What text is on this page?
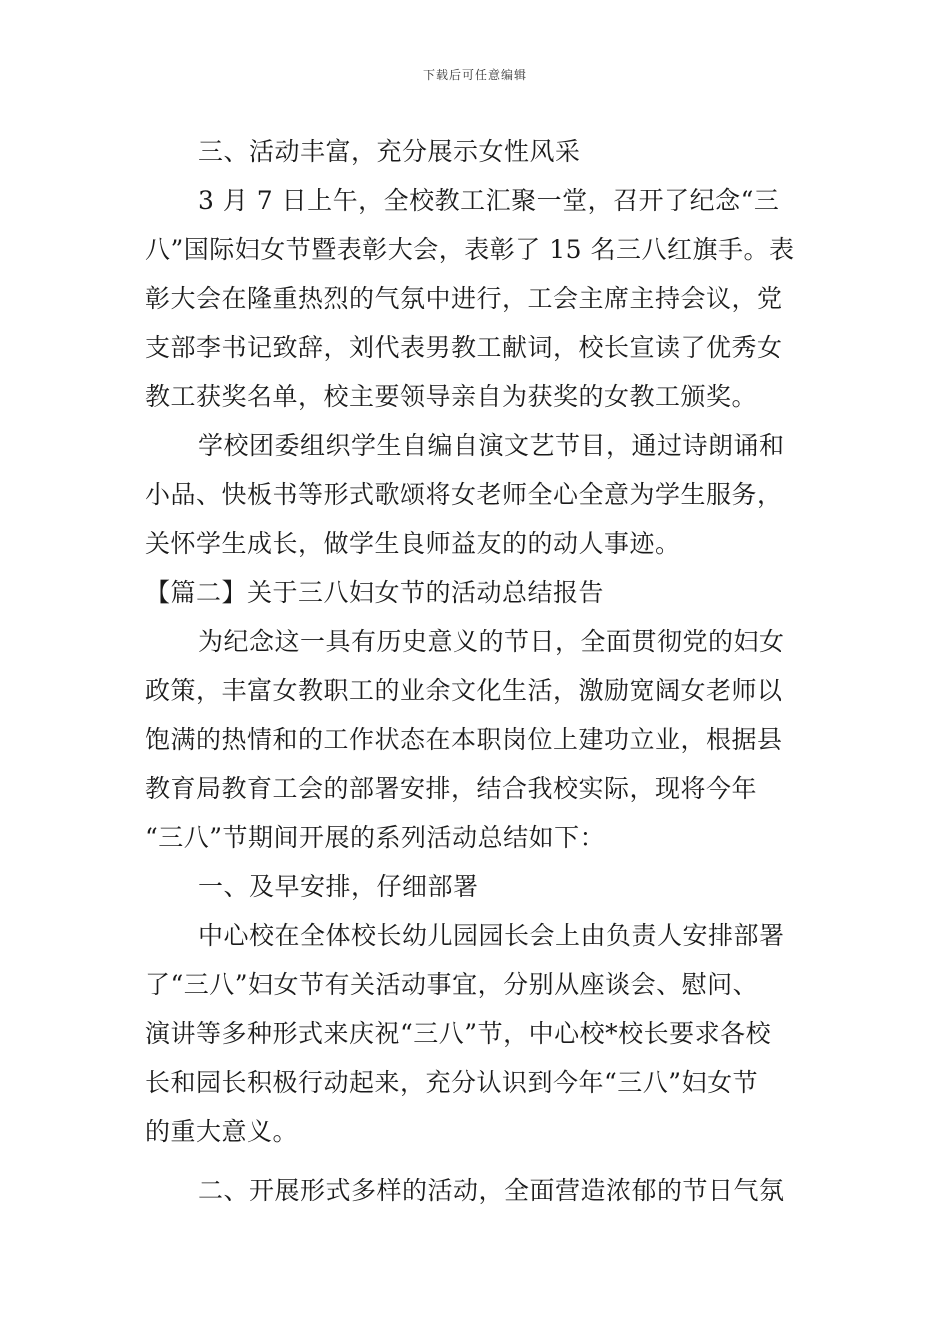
下载后可任意编辑
三、活动丰富，充分展示女性风采
3 月 7 日上午，全校教工汇聚一堂，召开了纪念“三
八”国际妇女节暨表彰大会，表彰了 15 名三八红旗手。表
彰大会在隆重热烈的气氛中进行，工会主席主持会议，党
支部李书记致辞，刘代表男教工献词，校长宣读了优秀女
教工获奖名单，校主要领导亲自为获奖的女教工颁奖。
学校团委组织学生自编自演文艺节目，通过诗朗诵和
小品、快板书等形式歌颂将女老师全心全意为学生服务，
关怀学生成长，做学生良师益友的的动人事迹。
【篇二】关于三八妇女节的活动总结报告
为纪念这一具有历史意义的节日，全面贯彻党的妇女
政策，丰富女教职工的业余文化生活，激励宽阔女老师以
饱满的热情和的工作状态在本职岗位上建功立业，根据县
教育局教育工会的部署安排，结合我校实际，现将今年
“三八”节期间开展的系列活动总结如下：
一、及早安排，仔细部署
中心校在全体校长幼儿园园长会上由负责人安排部署
了“三八”妇女节有关活动事宜，分别从座谈会、慰问、
演讲等多种形式来庆祝“三八”节，中心校*校长要求各校
长和园长积极行动起来，充分认识到今年“三八”妇女节
的重大意义。
二、开展形式多样的活动，全面营造浓郁的节日气氛
